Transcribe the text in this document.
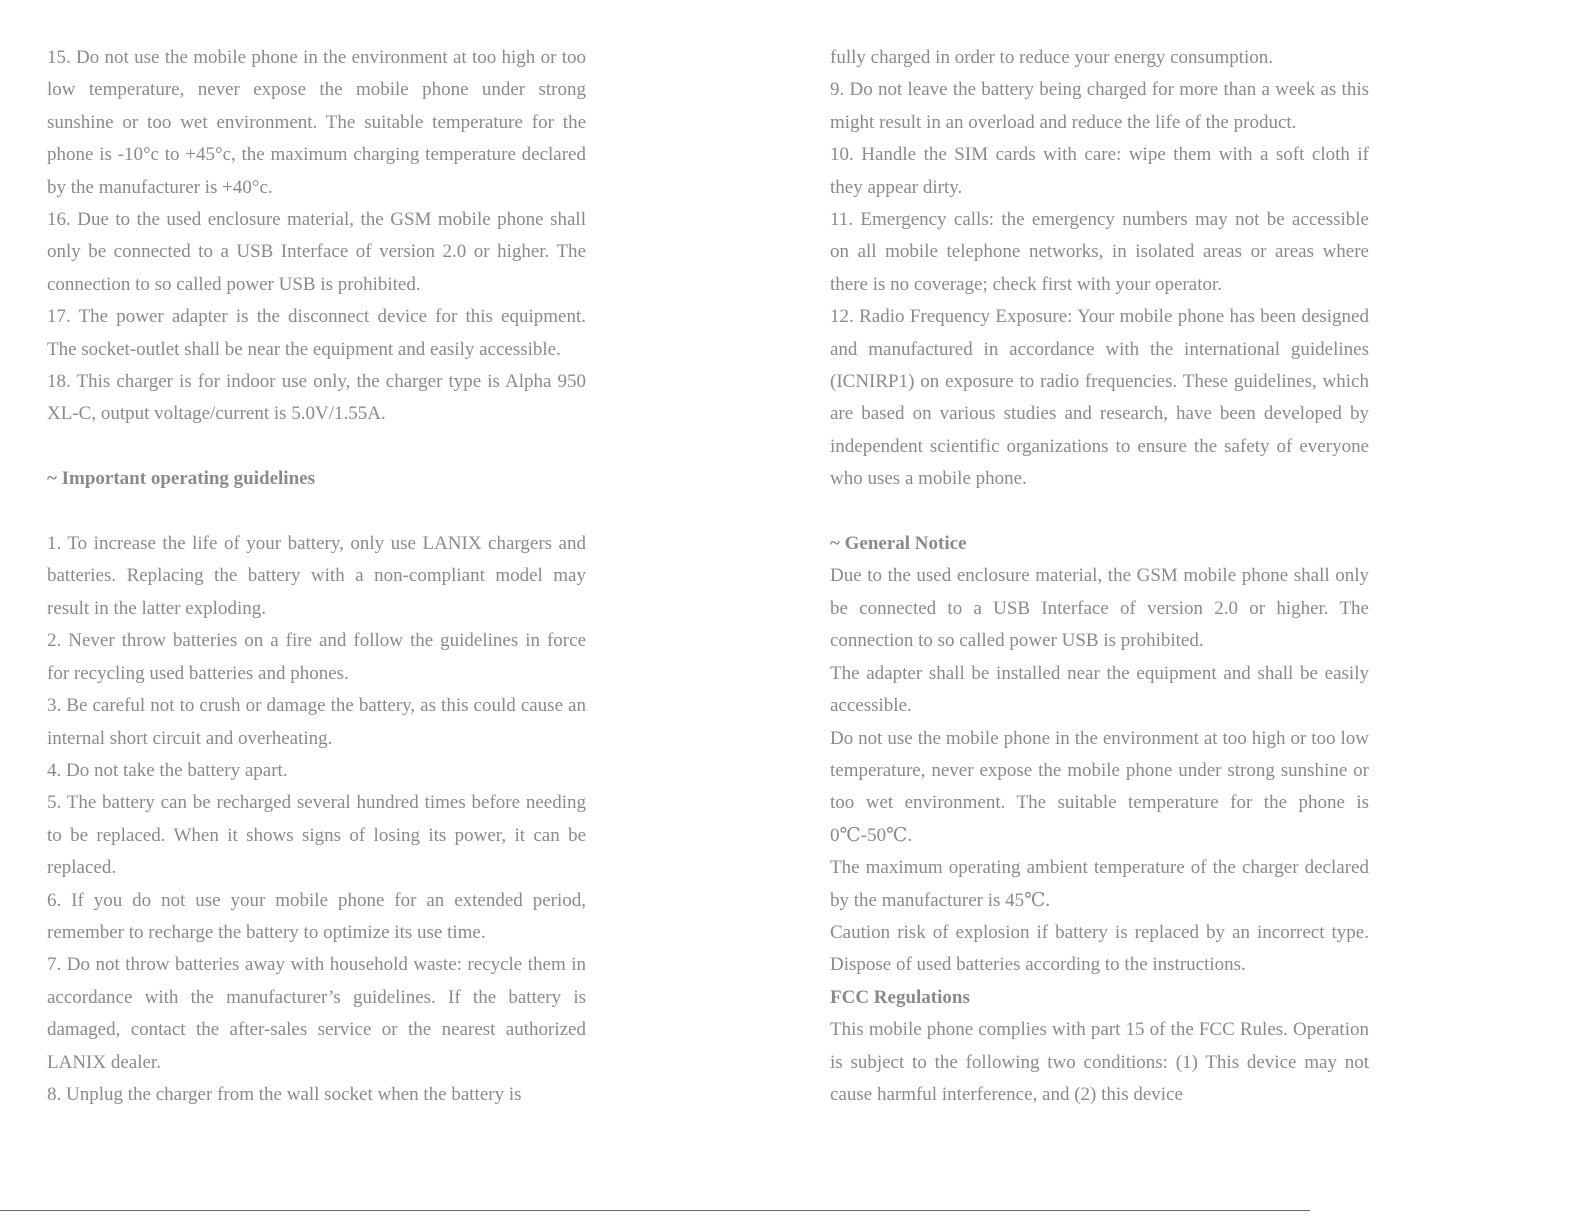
15. Do not use the mobile phone in the environment at too high or too low temperature, never expose the mobile phone under strong sunshine or too wet environment. The suitable temperature for the phone is -10°c to +45°c, the maximum charging temperature declared by the manufacturer is +40°c.

16. Due to the used enclosure material, the GSM mobile phone shall only be connected to a USB Interface of version 2.0 or higher. The connection to so called power USB is prohibited.

17. The power adapter is the disconnect device for this equipment. The socket-outlet shall be near the equipment and easily accessible.

18. This charger is for indoor use only, the charger type is Alpha 950 XL-C, output voltage/current is 5.0V/1.55A.

~ Important operating guidelines

1. To increase the life of your battery, only use LANIX chargers and batteries. Replacing the battery with a non-compliant model may result in the latter exploding.

2. Never throw batteries on a fire and follow the guidelines in force for recycling used batteries and phones.

3. Be careful not to crush or damage the battery, as this could cause an internal short circuit and overheating.

4. Do not take the battery apart.

5. The battery can be recharged several hundred times before needing to be replaced. When it shows signs of losing its power, it can be replaced.

6. If you do not use your mobile phone for an extended period, remember to recharge the battery to optimize its use time.

7. Do not throw batteries away with household waste: recycle them in accordance with the manufacturer’s guidelines. If the battery is damaged, contact the after-sales service or the nearest authorized LANIX dealer.

8. Unplug the charger from the wall socket when the battery is

fully charged in order to reduce your energy consumption.

9. Do not leave the battery being charged for more than a week as this might result in an overload and reduce the life of the product.

10. Handle the SIM cards with care: wipe them with a soft cloth if they appear dirty.

11. Emergency calls: the emergency numbers may not be accessible on all mobile telephone networks, in isolated areas or areas where there is no coverage; check first with your operator.

12. Radio Frequency Exposure: Your mobile phone has been designed and manufactured in accordance with the international guidelines (ICNIRP1) on exposure to radio frequencies. These guidelines, which are based on various studies and research, have been developed by independent scientific organizations to ensure the safety of everyone who uses a mobile phone.

~ General Notice

Due to the used enclosure material, the GSM mobile phone shall only be connected to a USB Interface of version 2.0 or higher. The connection to so called power USB is prohibited.

The adapter shall be installed near the equipment and shall be easily accessible.

Do not use the mobile phone in the environment at too high or too low temperature, never expose the mobile phone under strong sunshine or too wet environment. The suitable temperature for the phone is 0℃-50℃.

The maximum operating ambient temperature of the charger declared by the manufacturer is 45℃.

Caution risk of explosion if battery is replaced by an incorrect type. Dispose of used batteries according to the instructions.

FCC Regulations

This mobile phone complies with part 15 of the FCC Rules. Operation is subject to the following two conditions: (1) This device may not cause harmful interference, and (2) this device
